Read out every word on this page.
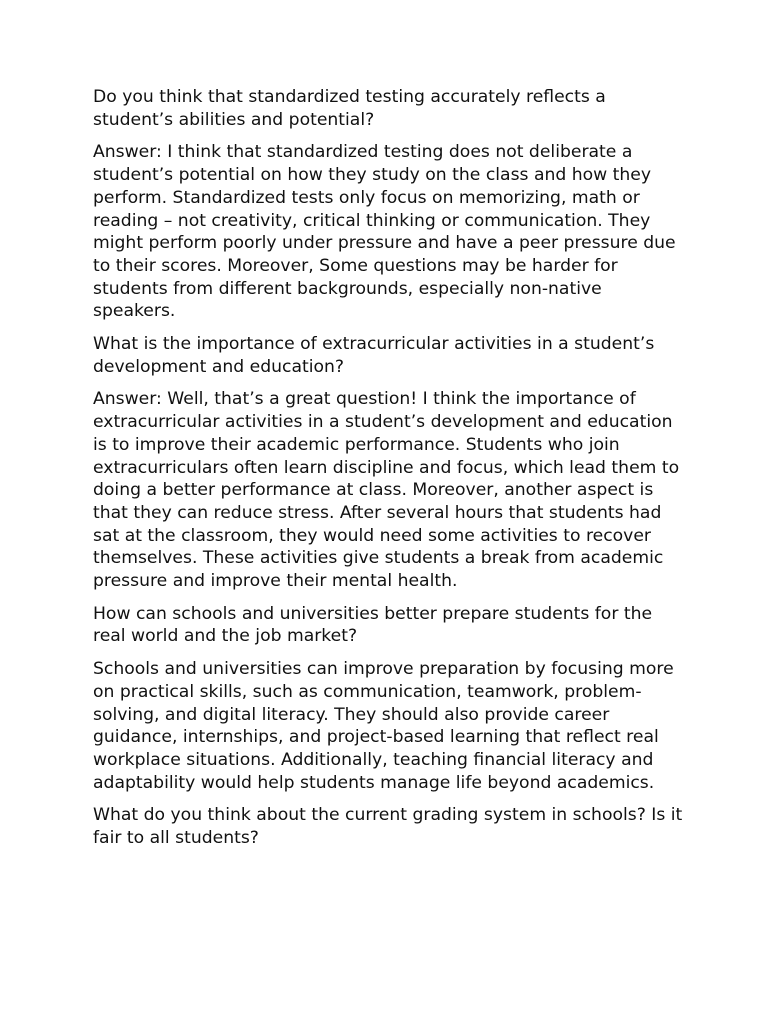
Do you think that standardized testing accurately reflects a student’s abilities and potential?

Answer: I think that standardized testing does not deliberate a student’s potential on how they study on the class and how they perform. Standardized tests only focus on memorizing, math or reading – not creativity, critical thinking or communication. They might perform poorly under pressure and have a peer pressure due to their scores. Moreover, Some questions may be harder for students from different backgrounds, especially non-native speakers.

What is the importance of extracurricular activities in a student’s development and education?

Answer: Well, that’s a great question! I think the importance of extracurricular activities in a student’s development and education is to improve their academic performance. Students who join extracurriculars often learn discipline and focus, which lead them to doing a better performance at class. Moreover, another aspect is that they can reduce stress. After several hours that students had sat at the classroom, they would need some activities to recover themselves. These activities give students a break from academic pressure and improve their mental health.

How can schools and universities better prepare students for the real world and the job market?

Schools and universities can improve preparation by focusing more on practical skills, such as communication, teamwork, problem-solving, and digital literacy. They should also provide career guidance, internships, and project-based learning that reflect real workplace situations. Additionally, teaching financial literacy and adaptability would help students manage life beyond academics.

What do you think about the current grading system in schools? Is it fair to all students?
